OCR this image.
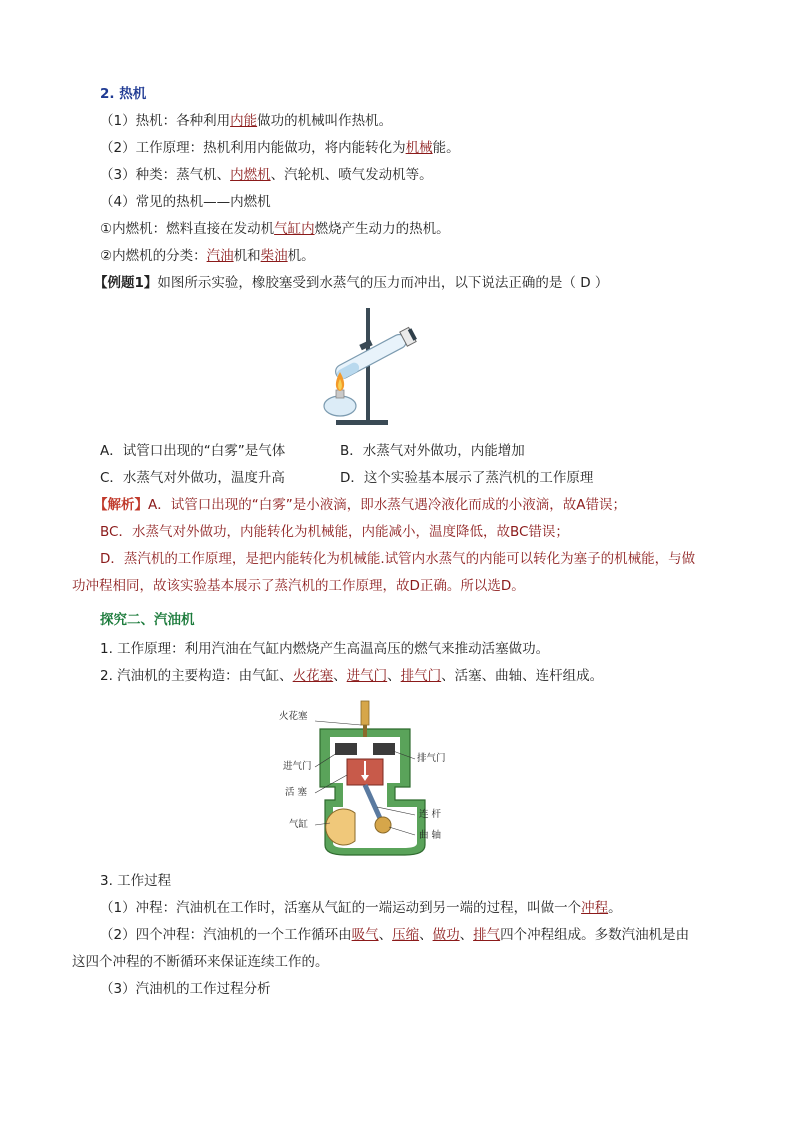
2. 热机
（1）热机：各种利用内能做功的机械叫作热机。
（2）工作原理：热机利用内能做功，将内能转化为机械能。
（3）种类：蒸气机、内燃机、汽轮机、喷气发动机等。
（4）常见的热机——内燃机
①内燃机：燃料直接在发动机气缸内燃烧产生动力的热机。
②内燃机的分类：汽油机和柴油机。
【例题1】如图所示实验，橡胶塞受到水蒸气的压力而冲出，以下说法正确的是（ D ）
A．试管口出现的“白雾”是气体	B．水蒸气对外做功，内能增加
C．水蒸气对外做功，温度升高	D．这个实验基本展示了蒸汽机的工作原理
【解析】A．试管口出现的“白雾”是小液滴，即水蒸气遇冷液化而成的小液滴，故A错误；
BC．水蒸气对外做功，内能转化为机械能，内能减小，温度降低，故BC错误；
D．蒸汽机的工作原理，是把内能转化为机械能.试管内水蒸气的内能可以转化为塞子的机械能，与做
功冲程相同，故该实验基本展示了蒸汽机的工作原理，故D正确。所以选D。
探究二、汽油机
1. 工作原理：利用汽油在气缸内燃烧产生高温高压的燃气来推动活塞做功。
2. 汽油机的主要构造：由气缸、火花塞、进气门、排气门、活塞、曲轴、连杆组成。
火花塞
进气门
排气门
活 塞
连 杆
气缸
曲 轴
3. 工作过程
（1）冲程：汽油机在工作时，活塞从气缸的一端运动到另一端的过程，叫做一个冲程。
（2）四个冲程：汽油机的一个工作循环由吸气、压缩、做功、排气四个冲程组成。多数汽油机是由
这四个冲程的不断循环来保证连续工作的。
（3）汽油机的工作过程分析
